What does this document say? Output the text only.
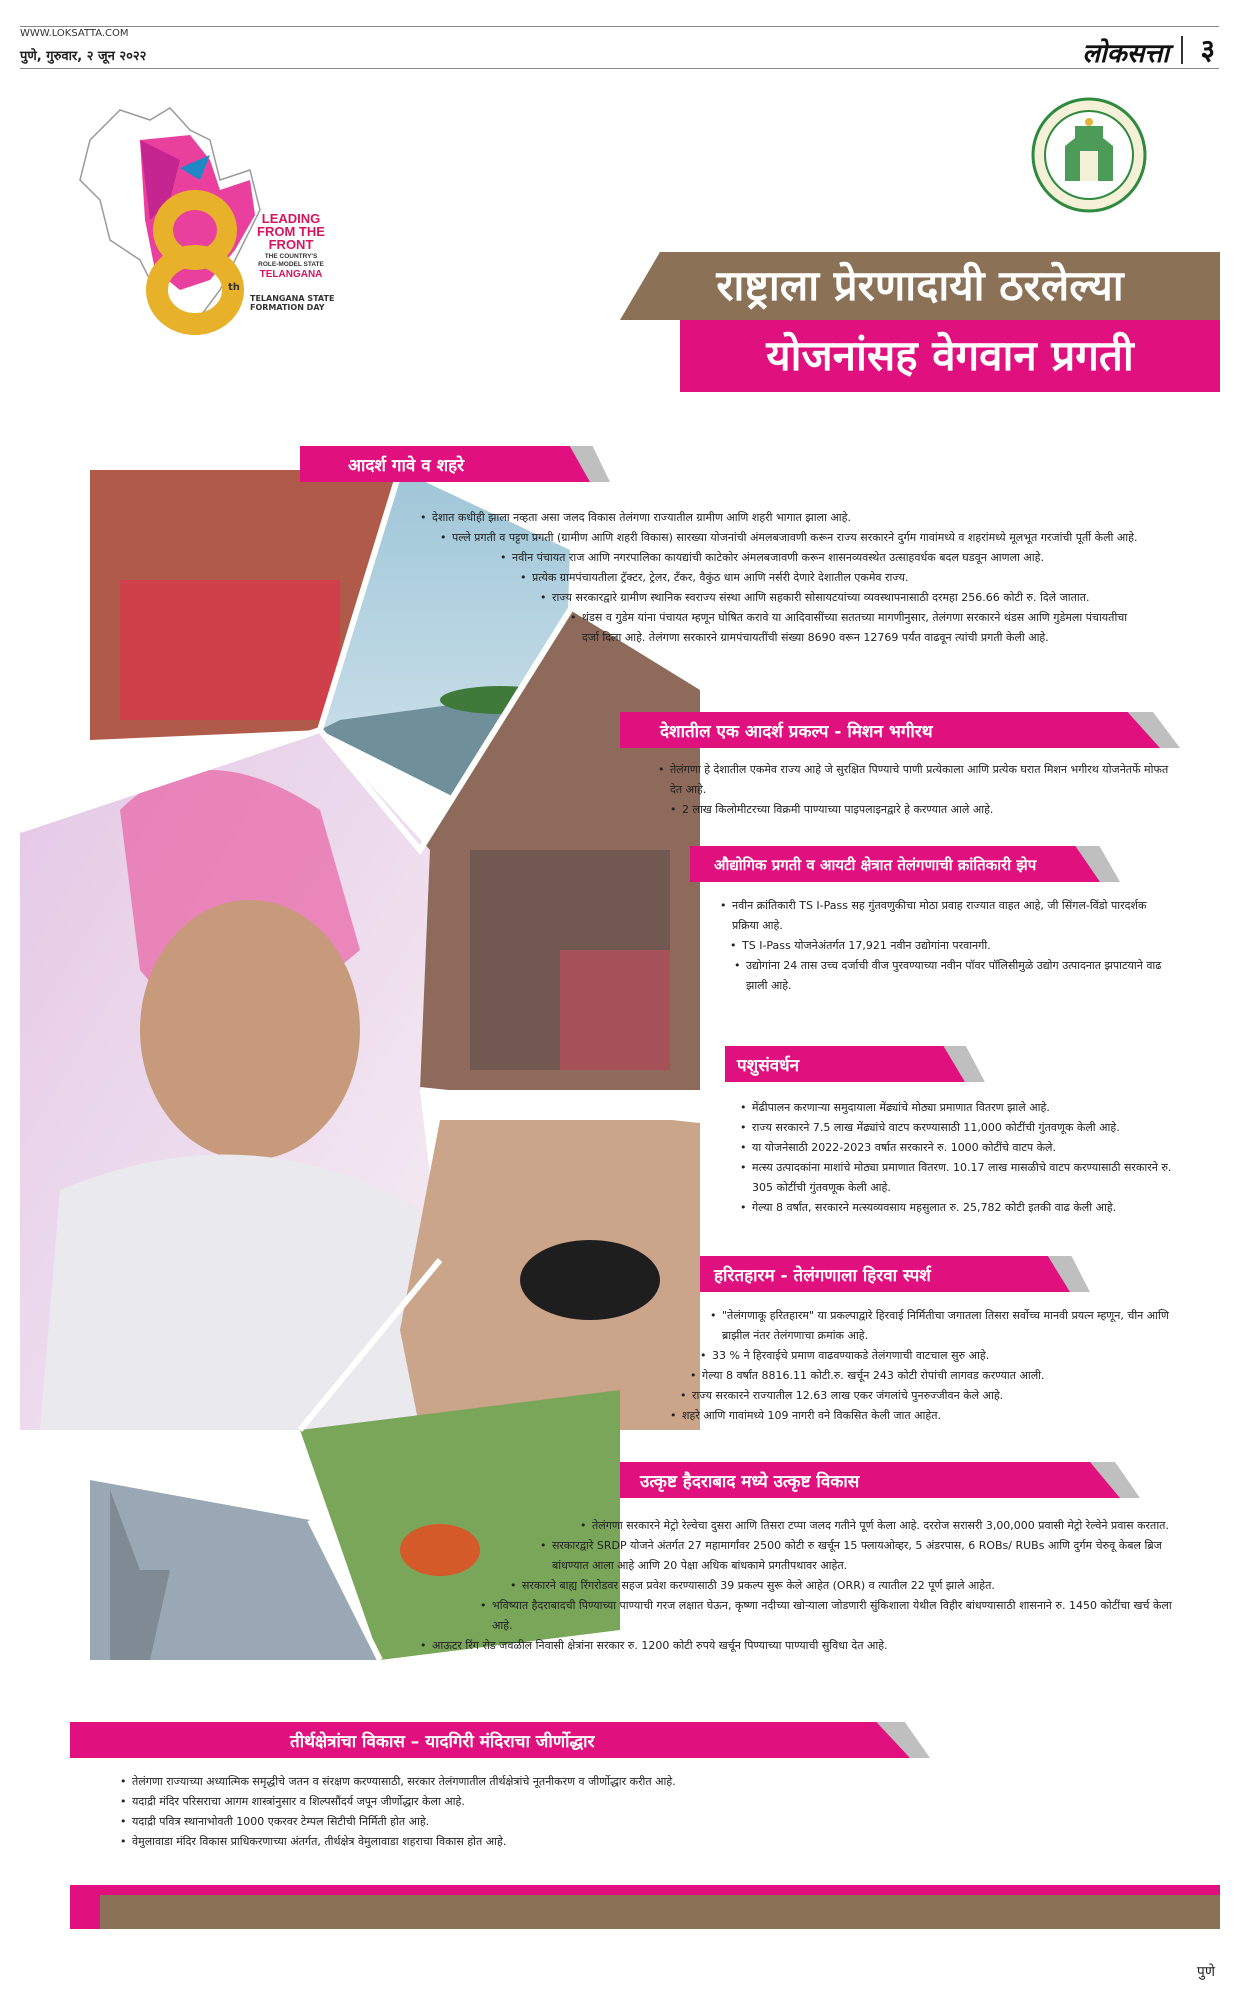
WWW.LOKSATTA.COM
पुणे, गुरुवार, २ जून २०२२	लोकसत्ता ३
th
LEADING
FROM THE
FRONT
THE COUNTRY'S
ROLE-MODEL STATE
TELANGANA
TELANGANA STATE
FORMATION DAY	राष्ट्राला प्रेरणादायी ठरलेल्या
योजनांसह वेगवान प्रगती
आदर्श गावे व शहरे
• देशात कधीही झाला नव्हता असा जलद विकास तेलंगणा राज्यातील ग्रामीण आणि शहरी भागात झाला आहे.
• पल्ले प्रगती व पट्टण प्रगती (ग्रामीण आणि शहरी विकास) सारख्या योजनांची अंमलबजावणी करून राज्य सरकारने दुर्गम गावांमध्ये व शहरांमध्ये मूलभूत गरजांची पूर्ती केली आहे.
• नवीन पंचायत राज आणि नगरपालिका कायद्यांची काटेकोर अंमलबजावणी करून शासनव्यवस्थेत उत्साहवर्धक बदल घडवून आणला आहे.
• प्रत्येक ग्रामपंचायतीला ट्रॅक्टर, ट्रेलर, टँकर, वैकुंठ धाम आणि नर्सरी देणारे देशातील एकमेव राज्य.
• राज्य सरकारद्वारे ग्रामीण स्थानिक स्वराज्य संस्था आणि सहकारी सोसायटयांच्या व्यवस्थापनासाठी दरमहा 256.66 कोटी रु. दिले जातात.
• थंडस व गुडेम यांना पंचायत म्हणून घोषित करावे या आदिवासींच्या सततच्या मागणीनुसार, तेलंगणा सरकारने थंडस आणि गुडेमला पंचायतीचा दर्जा दिला आहे. तेलंगणा सरकारने ग्रामपंचायतींची संख्या 8690 वरून 12769 पर्यंत वाढवून त्यांची प्रगती केली आहे.
देशातील एक आदर्श प्रकल्प - मिशन भगीरथ
• तेलंगणा हे देशातील एकमेव राज्य आहे जे सुरक्षित पिण्याचे पाणी प्रत्येकाला आणि प्रत्येक घरात मिशन भगीरथ योजनेतर्फे मोफत देत आहे.
• 2 लाख किलोमीटरच्या विक्रमी पाण्याच्या पाइपलाइनद्वारे हे करण्यात आले आहे.
औद्योगिक प्रगती व आयटी क्षेत्रात तेलंगणाची क्रांतिकारी झेप
• नवीन क्रांतिकारी TS I-Pass सह गुंतवणुकीचा मोठा प्रवाह राज्यात वाहत आहे, जी सिंगल-विंडो पारदर्शक प्रक्रिया आहे.
• TS I-Pass योजनेअंतर्गत 17,921 नवीन उद्योगांना परवानगी.
• उद्योगांना 24 तास उच्च दर्जाची वीज पुरवण्याच्या नवीन पॉवर पॉलिसीमुळे उद्योग उत्पादनात झपाटयाने वाढ झाली आहे.
पशुसंवर्धन
• मेंढीपालन करणाऱ्या समुदायाला मेंढ्यांचे मोठ्या प्रमाणात वितरण झाले आहे.
• राज्य सरकारने 7.5 लाख मेंढ्यांचे वाटप करण्यासाठी 11,000 कोटींची गुंतवणूक केली आहे.
• या योजनेसाठी 2022-2023 वर्षात सरकारने रु. 1000 कोटींचे वाटप केले.
• मत्स्य उत्पादकांना माशांचे मोठ्या प्रमाणात वितरण. 10.17 लाख मासळीचे वाटप करण्यासाठी सरकारने रु. 305 कोटींची गुंतवणूक केली आहे.
• गेल्या 8 वर्षांत, सरकारने मत्स्यव्यवसाय महसुलात रु. 25,782 कोटी इतकी वाढ केली आहे.
हरितहारम - तेलंगणाला हिरवा स्पर्श
• "तेलंगणाकू हरितहारम" या प्रकल्पाद्वारे हिरवाई निर्मितीचा जगातला तिसरा सर्वोच्च मानवी प्रयत्न म्हणून, चीन आणि ब्राझील नंतर तेलंगणाचा क्रमांक आहे.
• 33 % ने हिरवाईचे प्रमाण वाढवण्याकडे तेलंगणाची वाटचाल सुरु आहे.
• गेल्या 8 वर्षांत 8816.11 कोटी.रु. खर्चून 243 कोटी रोपांची लागवड करण्यात आली.
• राज्य सरकारने राज्यातील 12.63 लाख एकर जंगलांचे पुनरुज्जीवन केले आहे.
• शहरे आणि गावांमध्ये 109 नागरी वने विकसित केली जात आहेत.
उत्कृष्ट हैदराबाद मध्ये उत्कृष्ट विकास
• तेलंगणा सरकारने मेट्रो रेल्वेचा दुसरा आणि तिसरा टप्पा जलद गतीने पूर्ण केला आहे. दररोज सरासरी 3,00,000 प्रवासी मेट्रो रेल्वेने प्रवास करतात.
• सरकारद्वारे SRDP योजने अंतर्गत 27 महामार्गांवर 2500 कोटी रु खर्चून 15 फ्लायओव्हर, 5 अंडरपास, 6 ROBs/ RUBs आणि दुर्गम चेरुवू केबल ब्रिज बांधण्यात आला आहे आणि 20 पेक्षा अधिक बांधकामे प्रगतीपथावर आहेत.
• सरकारने बाह्य रिंगरोडवर सहज प्रवेश करण्यासाठी 39 प्रकल्प सुरू केले आहेत (ORR) व त्यातील 22 पूर्ण झाले आहेत.
• भविष्यात हैदराबादची पिण्याच्या पाण्याची गरज लक्षात घेऊन, कृष्णा नदीच्या खोऱ्याला जोडणारी सुंकिशाला येथील विहीर बांधण्यासाठी शासनाने रु. 1450 कोटींचा खर्च केला आहे.
• आऊटर रिंग रोड जवळील निवासी क्षेत्रांना सरकार रु. 1200 कोटी रुपये खर्चून पिण्याच्या पाण्याची सुविधा देत आहे.
तीर्थक्षेत्रांचा विकास – यादगिरी मंदिराचा जीर्णोद्धार
• तेलंगणा राज्याच्या अध्यात्मिक समृद्धीचे जतन व संरक्षण करण्यासाठी, सरकार तेलंगणातील तीर्थक्षेत्रांचे नूतनीकरण व जीर्णोद्धार करीत आहे.
• यदाद्री मंदिर परिसराचा आगम शास्त्रांनुसार व शिल्पसौंदर्य जपून जीर्णोद्धार केला आहे.
• यदाद्री पवित्र स्थानाभोवती 1000 एकरवर टेम्पल सिटीची निर्मिती होत आहे.
• वेमुलावाडा मंदिर विकास प्राधिकरणाच्या अंतर्गत, तीर्थक्षेत्र वेमुलावाडा शहराचा विकास होत आहे.
पुणे
